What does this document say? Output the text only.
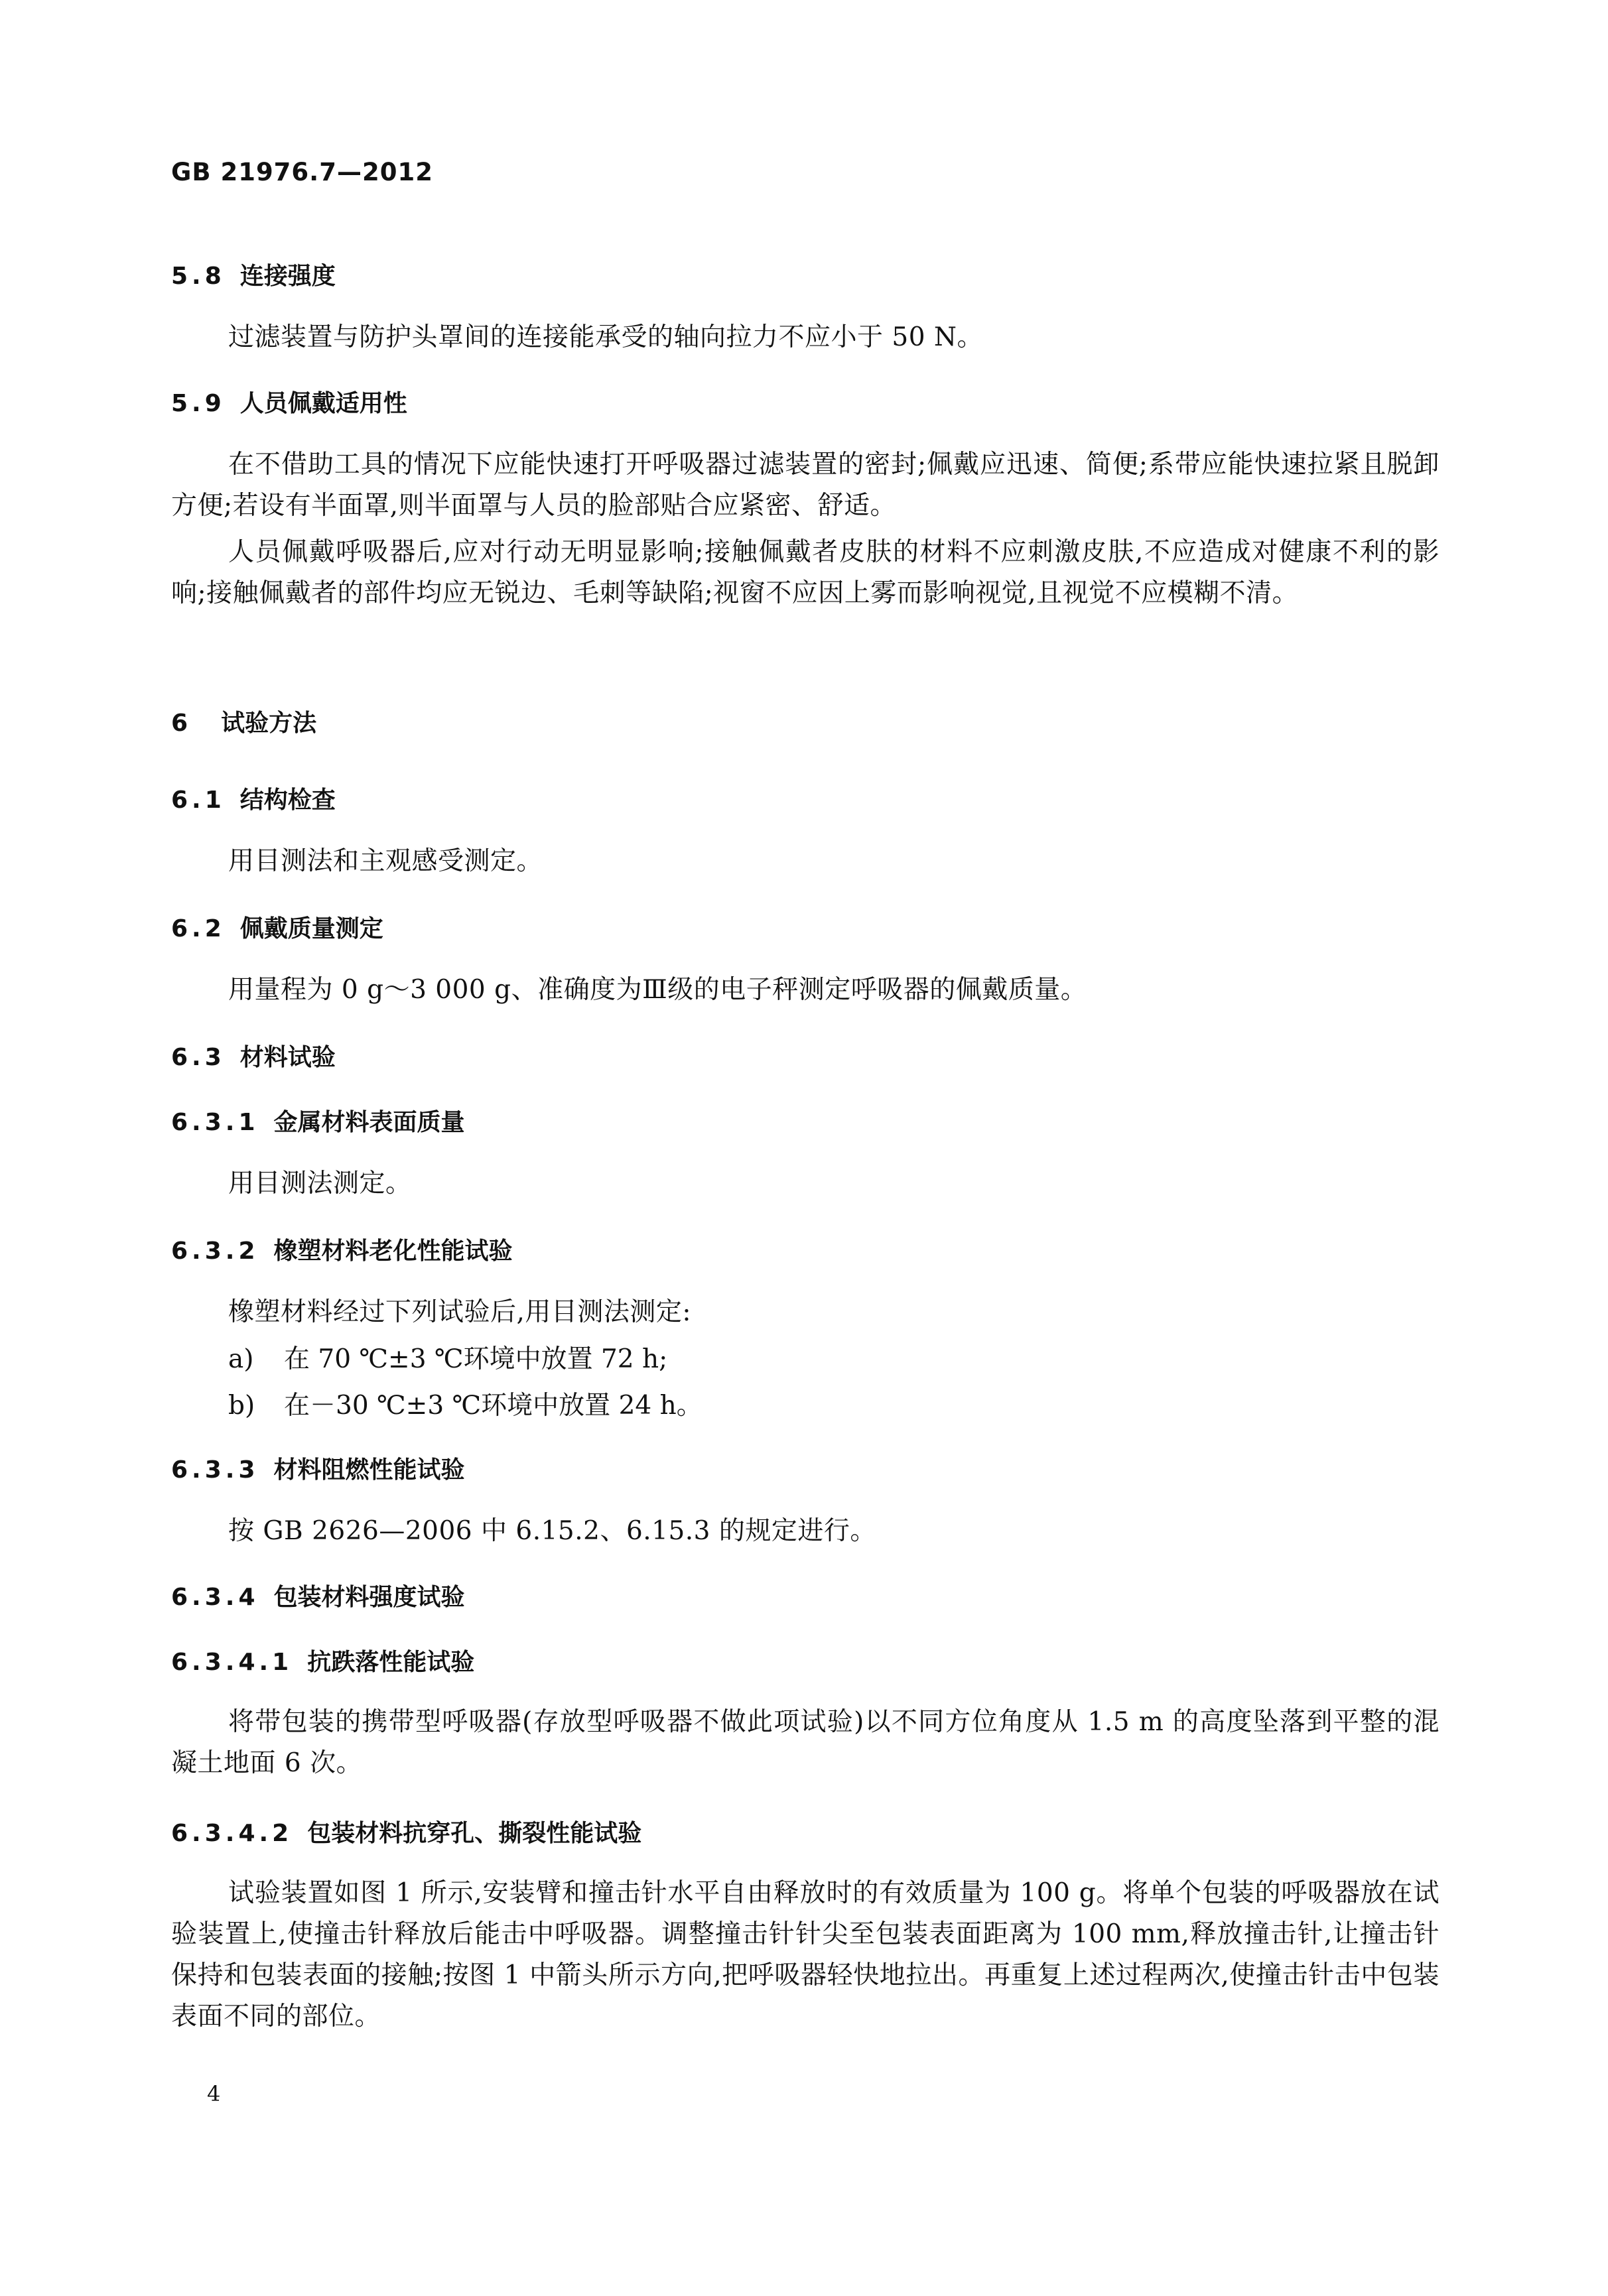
GB 21976.7—2012
5.8 连接强度
过滤装置与防护头罩间的连接能承受的轴向拉力不应小于 50 N。
5.9 人员佩戴适用性
在不借助工具的情况下应能快速打开呼吸器过滤装置的密封;佩戴应迅速、简便;系带应能快速拉紧且脱卸方便;若设有半面罩,则半面罩与人员的脸部贴合应紧密、舒适。
人员佩戴呼吸器后,应对行动无明显影响;接触佩戴者皮肤的材料不应刺激皮肤,不应造成对健康不利的影响;接触佩戴者的部件均应无锐边、毛刺等缺陷;视窗不应因上雾而影响视觉,且视觉不应模糊不清。
6 试验方法
6.1 结构检查
用目测法和主观感受测定。
6.2 佩戴质量测定
用量程为 0 g～3 000 g、准确度为Ⅲ级的电子秤测定呼吸器的佩戴质量。
6.3 材料试验
6.3.1 金属材料表面质量
用目测法测定。
6.3.2 橡塑材料老化性能试验
橡塑材料经过下列试验后,用目测法测定:
a) 在 70 ℃±3 ℃环境中放置 72 h;
b) 在－30 ℃±3 ℃环境中放置 24 h。
6.3.3 材料阻燃性能试验
按 GB 2626—2006 中 6.15.2、6.15.3 的规定进行。
6.3.4 包装材料强度试验
6.3.4.1 抗跌落性能试验
将带包装的携带型呼吸器(存放型呼吸器不做此项试验)以不同方位角度从 1.5 m 的高度坠落到平整的混凝土地面 6 次。
6.3.4.2 包装材料抗穿孔、撕裂性能试验
试验装置如图 1 所示,安装臂和撞击针水平自由释放时的有效质量为 100 g。将单个包装的呼吸器放在试验装置上,使撞击针释放后能击中呼吸器。调整撞击针针尖至包装表面距离为 100 mm,释放撞击针,让撞击针保持和包装表面的接触;按图 1 中箭头所示方向,把呼吸器轻快地拉出。再重复上述过程两次,使撞击针击中包装表面不同的部位。
4
